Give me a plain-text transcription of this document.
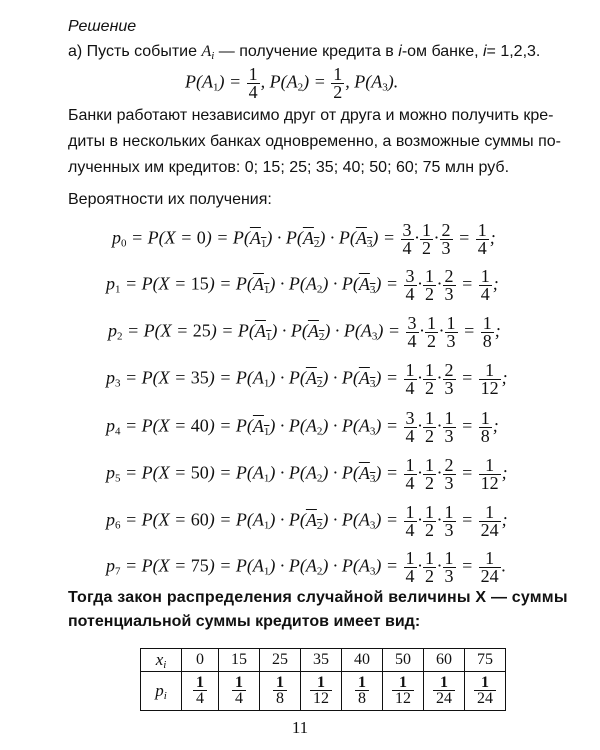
Решение
а) Пусть событие $A_i$ — получение кредита в i-ом банке, i= 1,2,3.
$P(A_1) = \frac{1}{4}$ , $P(A_2) = \frac{1}{2}$ , $P(A_3)$.
Банки работают независимо друг от друга и можно получить кре-
диты в нескольких банках одновременно, а возможные суммы по-
лученных им кредитов: 0; 15; 25; 35; 40; 50; 60; 75 млн руб.
Вероятности их получения:
$p_0 = P(X = 0) = P(A_1) \cdot P(A_2) \cdot P(A_3) = \frac{3}{4} \cdot \frac{1}{2} \cdot \frac{2}{3} = \frac{1}{4}$ ;
$p_1 = P(X = 15) = P(A_1) \cdot P(A_2) \cdot P(A_3) = \frac{3}{4} \cdot \frac{1}{2} \cdot \frac{2}{3} = \frac{1}{4}$ ;
$p_2 = P(X = 25) = P(A_1) \cdot P(A_2) \cdot P(A_3) = \frac{3}{4} \cdot \frac{1}{2} \cdot \frac{1}{3} = \frac{1}{8}$ ;
$p_3 = P(X = 35) = P(A_1) \cdot P(A_2) \cdot P(A_3) = \frac{1}{4} \cdot \frac{1}{2} \cdot \frac{2}{3} = \frac{1}{12}$ ;
$p_4 = P(X = 40) = P(A_1) \cdot P(A_2) \cdot P(A_3) = \frac{3}{4} \cdot \frac{1}{2} \cdot \frac{1}{3} = \frac{1}{8}$ ;
$p_5 = P(X = 50) = P(A_1) \cdot P(A_2) \cdot P(A_3) = \frac{1}{4} \cdot \frac{1}{2} \cdot \frac{2}{3} = \frac{1}{12}$ ;
$p_6 = P(X = 60) = P(A_1) \cdot P(A_2) \cdot P(A_3) = \frac{1}{4} \cdot \frac{1}{2} \cdot \frac{1}{3} = \frac{1}{24}$ ;
$p_7 = P(X = 75) = P(A_1) \cdot P(A_2) \cdot P(A_3) = \frac{1}{4} \cdot \frac{1}{2} \cdot \frac{1}{3} = \frac{1}{24}$ .
Тогда закон распределения случайной величины X — суммы
потенциальной суммы кредитов имеет вид:
$x_i$	0	15	25	35	40	50	60	75
$p_i$	$\frac{1}{4}$	$\frac{1}{4}$	$\frac{1}{8}$	$\frac{1}{12}$	$\frac{1}{8}$	$\frac{1}{12}$	$\frac{1}{24}$	$\frac{1}{24}$
11
